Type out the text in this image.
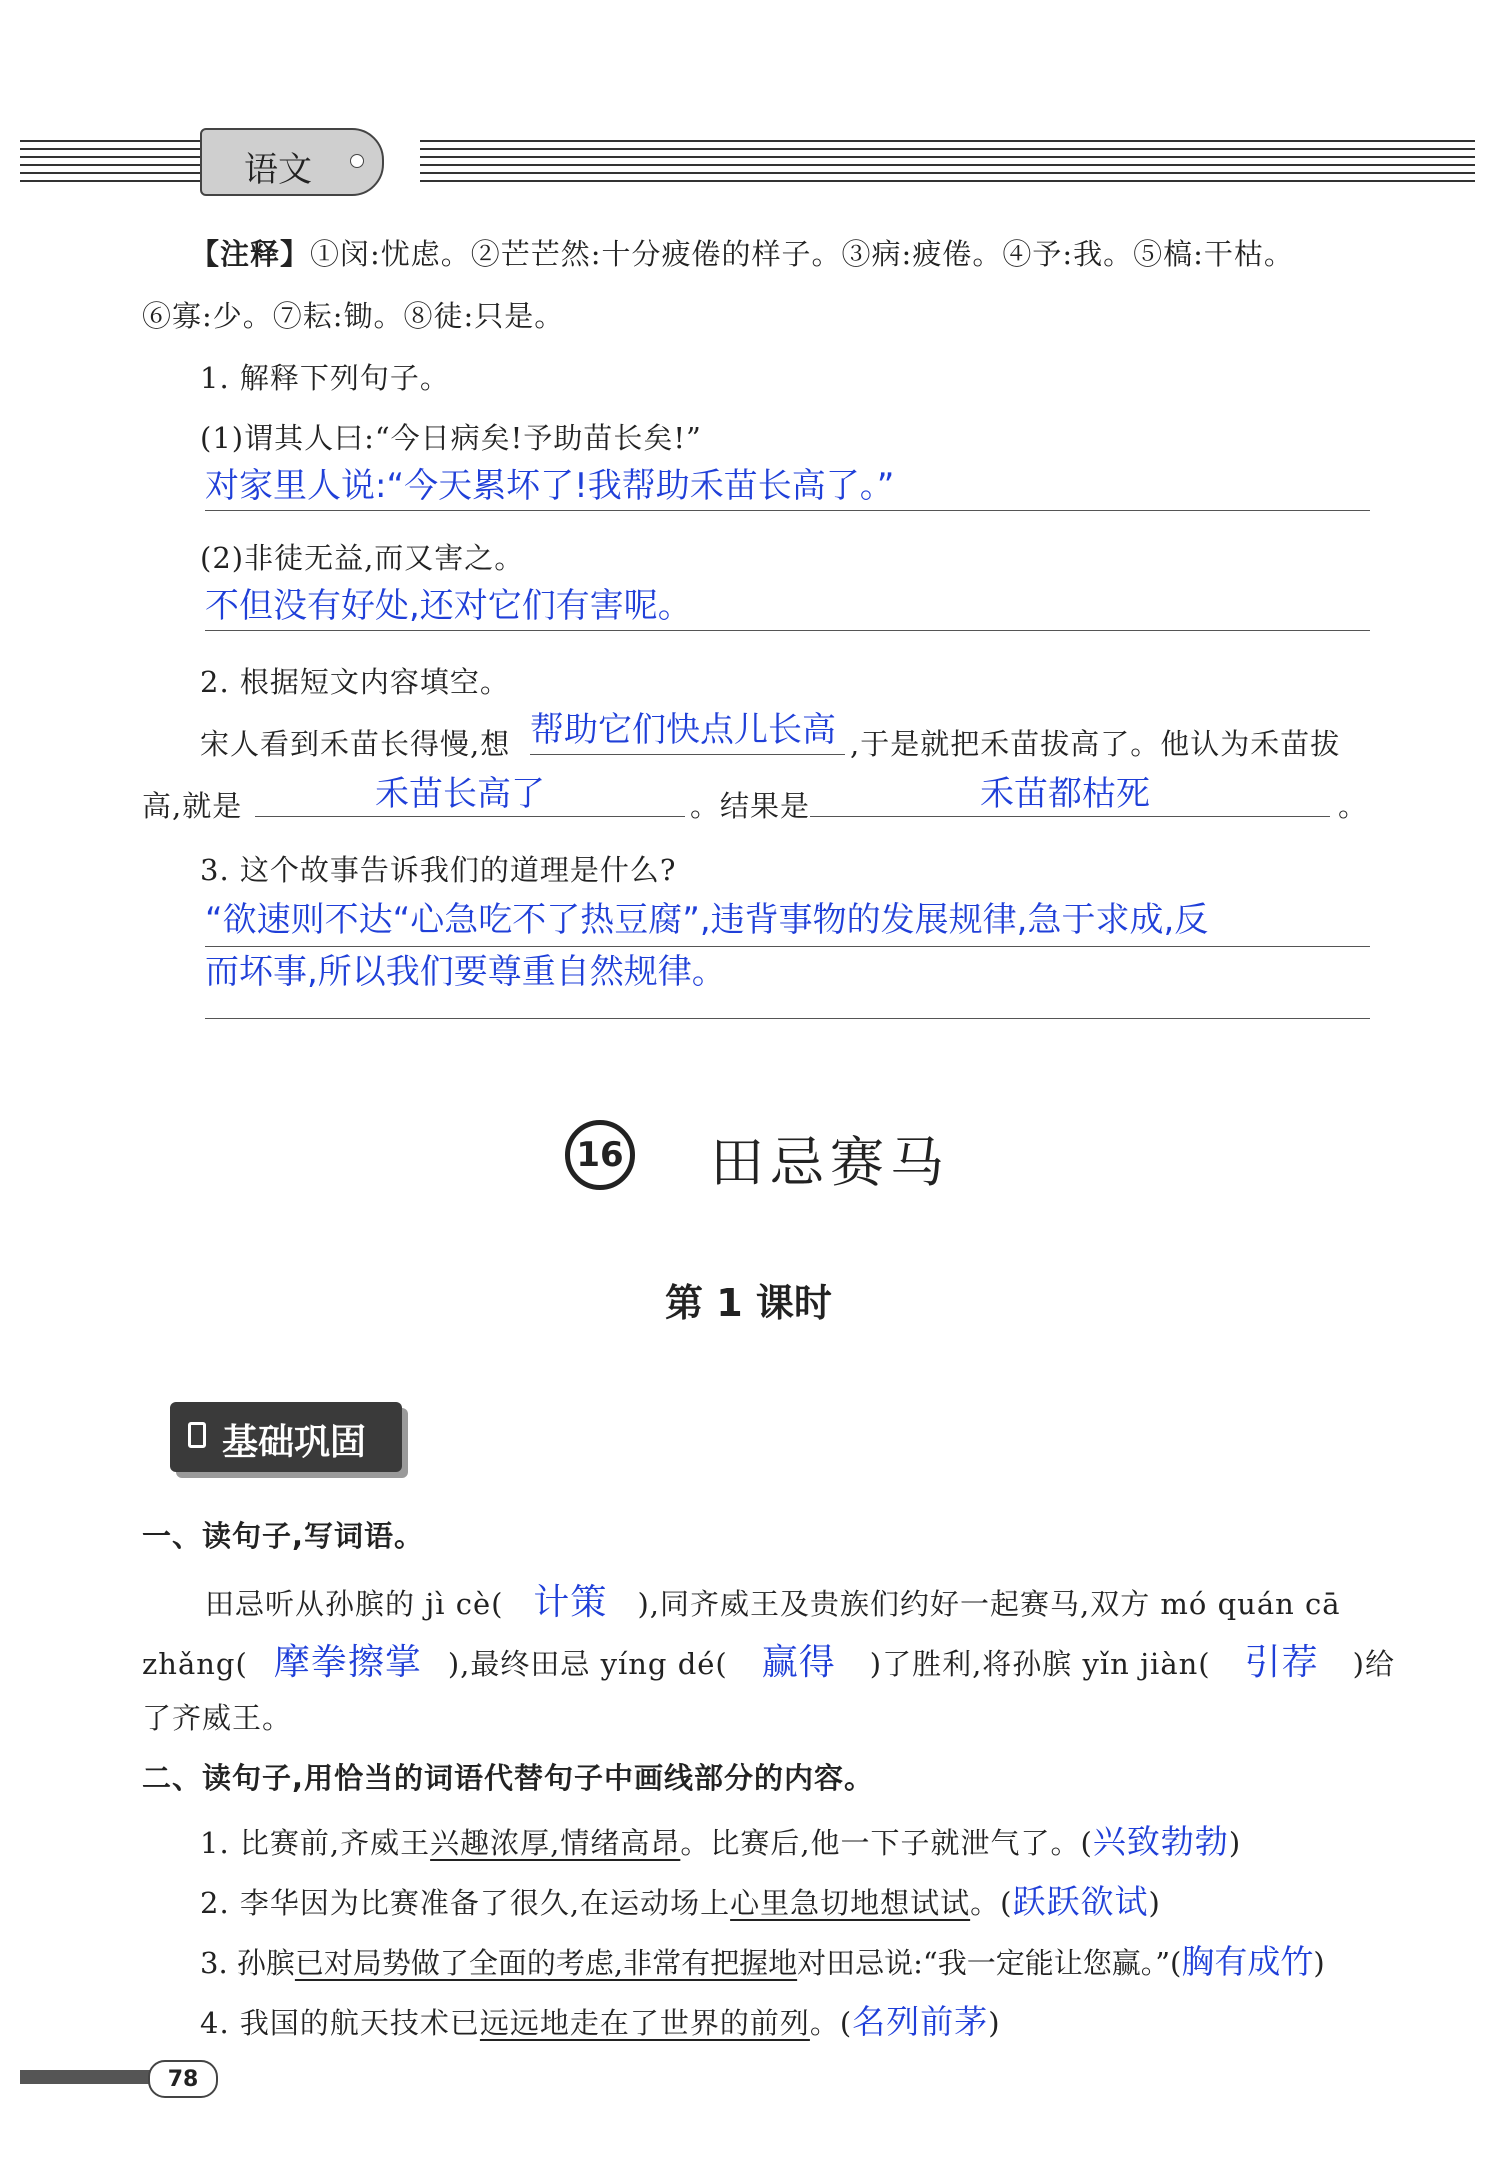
语文
【注释】①闵:忧虑。②芒芒然:十分疲倦的样子。③病:疲倦。④予:我。⑤槁:干枯。
⑥寡:少。⑦耘:锄。⑧徒:只是。
1. 解释下列句子。
(1)谓其人曰:“今日病矣!予助苗长矣!”
对家里人说:“今天累坏了!我帮助禾苗长高了。”
(2)非徒无益,而又害之。
不但没有好处,还对它们有害呢。
2. 根据短文内容填空。
宋人看到禾苗长得慢,想 帮助它们快点儿长高 ,于是就把禾苗拔高了。他认为禾苗拔
高,就是	禾苗长高了	。结果是	禾苗都枯死	。
3. 这个故事告诉我们的道理是什么?
“欲速则不达“心急吃不了热豆腐”,违背事物的发展规律,急于求成,反
而坏事,所以我们要尊重自然规律。
16 田忌赛马
第 1 课时
基础巩固
一、读句子,写词语。
田忌听从孙膑的 jì cè( 计策 ),同齐威王及贵族们约好一起赛马,双方 mó quán cā
zhǎng( 摩拳擦掌 ),最终田忌 yíng dé( 赢得 )了胜利,将孙膑 yǐn jiàn( 引荐 )给
了齐威王。
二、读句子,用恰当的词语代替句子中画线部分的内容。
1. 比赛前,齐威王兴趣浓厚,情绪高昂。比赛后,他一下子就泄气了。(兴致勃勃)
2. 李华因为比赛准备了很久,在运动场上心里急切地想试试。(跃跃欲试)
3. 孙膑已对局势做了全面的考虑,非常有把握地对田忌说:“我一定能让您赢。”(胸有成竹)
4. 我国的航天技术已远远地走在了世界的前列。(名列前茅)
78
